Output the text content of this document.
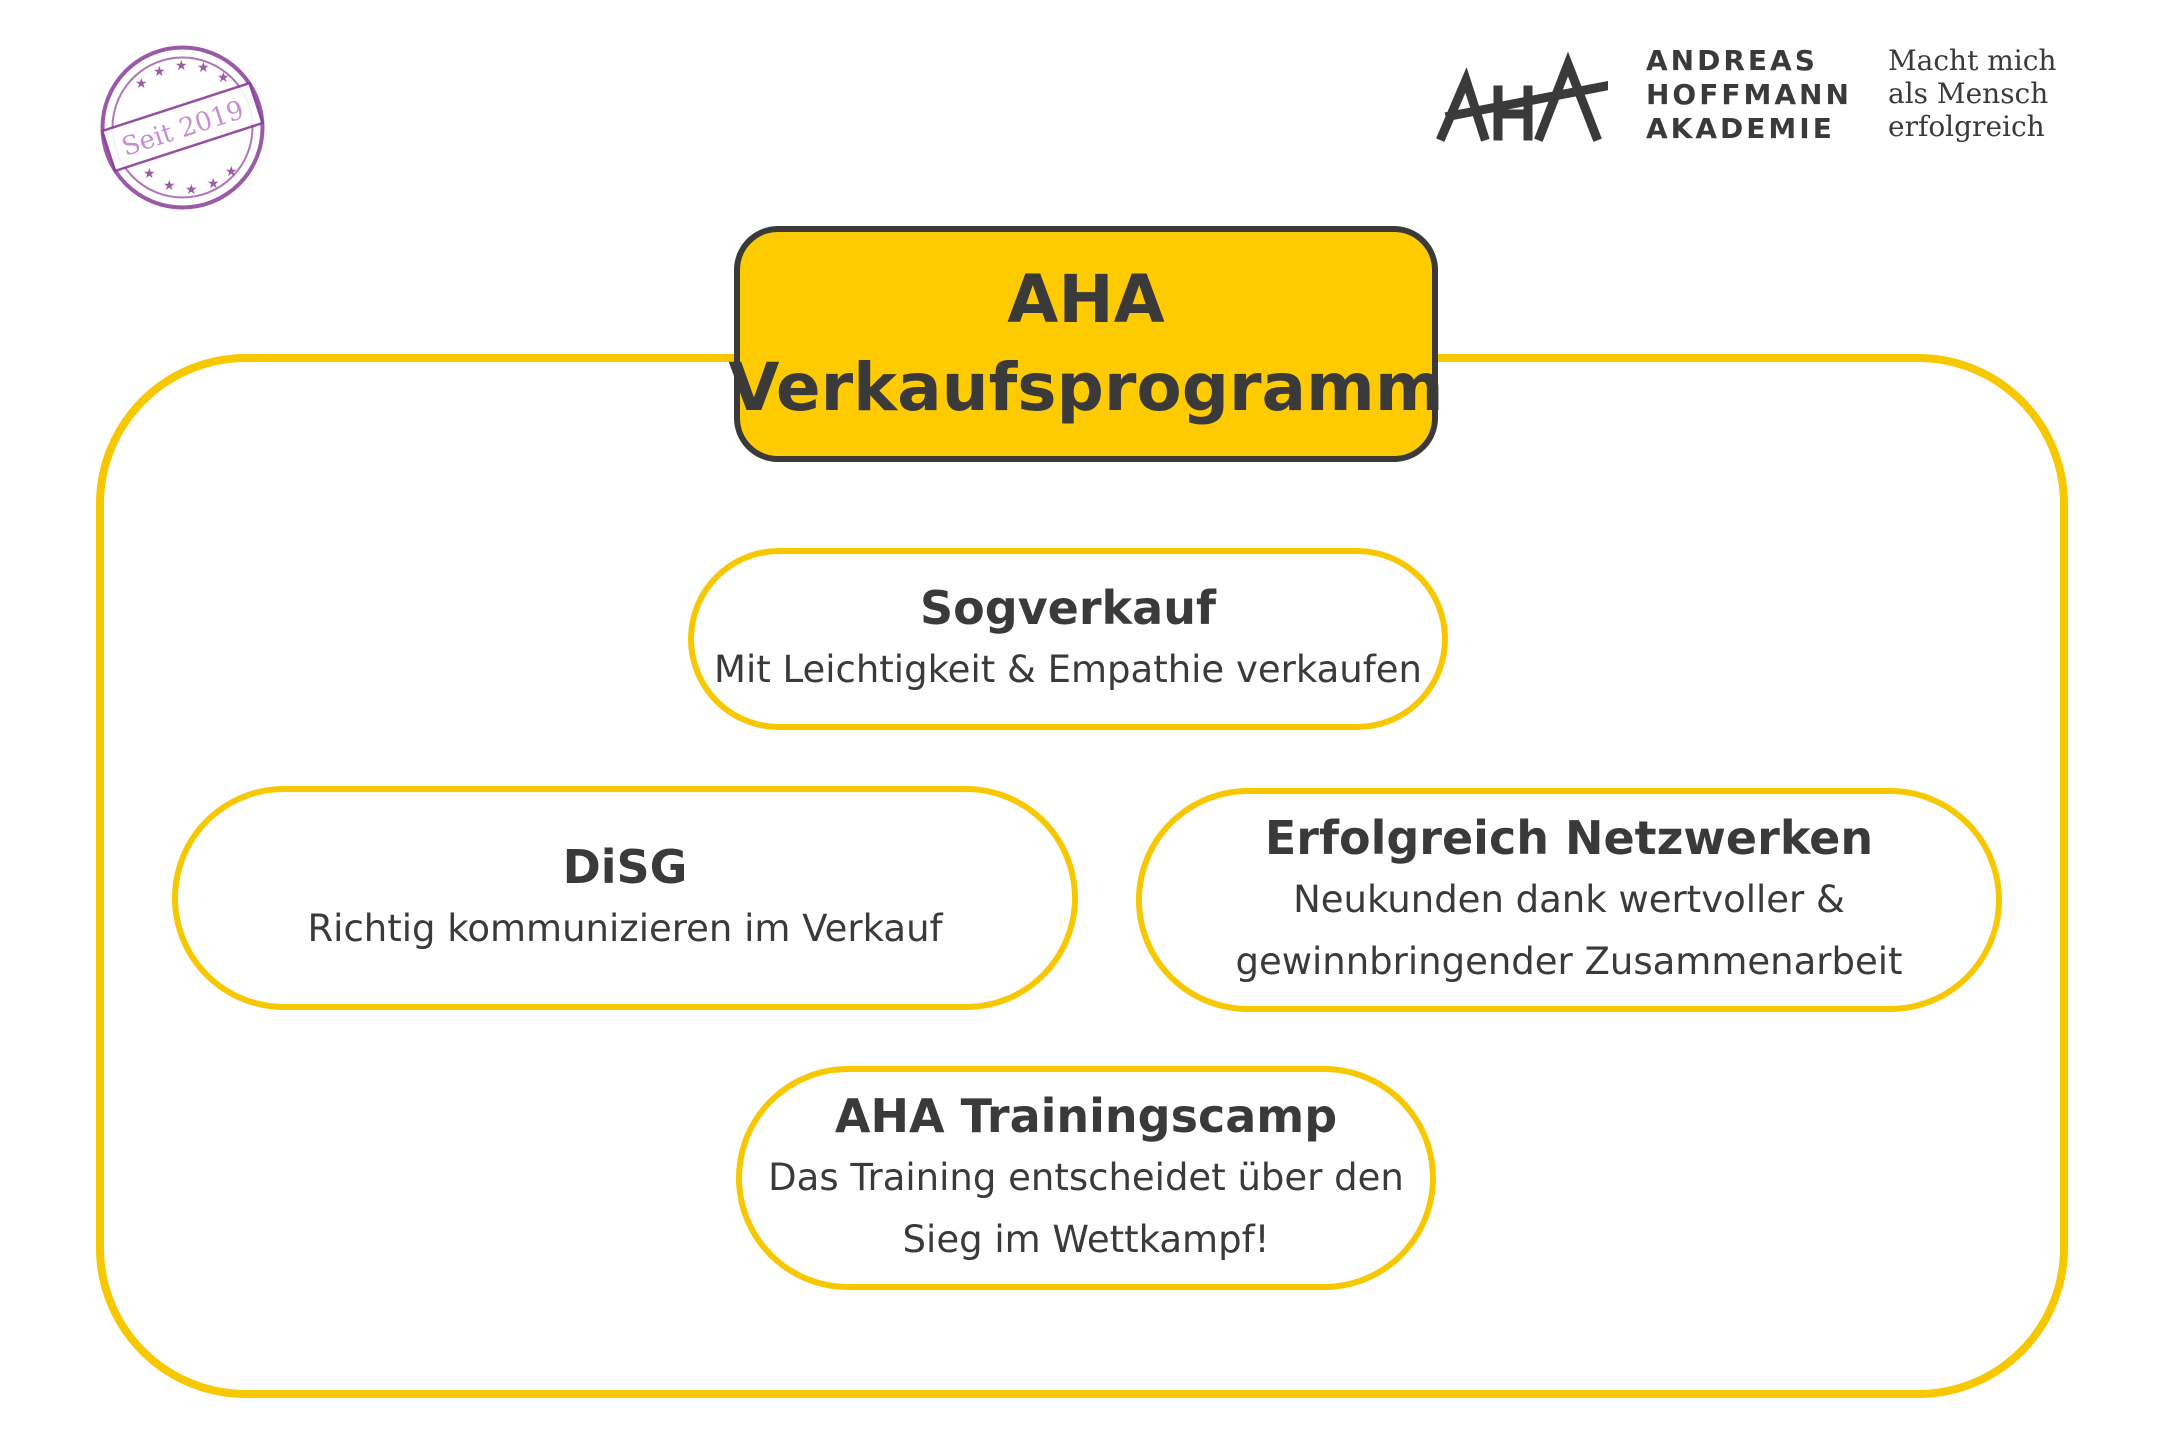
★
★ ★ ★
★
★
★ ★ ★
★
Seit 2019
ANDREAS
HOFFMANN
AKADEMIE
Macht mich
als Mensch
erfolgreich
AHA
Verkaufsprogramm
Sogverkauf
Mit Leichtigkeit & Empathie verkaufen
DiSG
Richtig kommunizieren im Verkauf
Erfolgreich Netzwerken
Neukunden dank wertvoller &
gewinnbringender Zusammenarbeit
AHA Trainingscamp
Das Training entscheidet über den
Sieg im Wettkampf!
